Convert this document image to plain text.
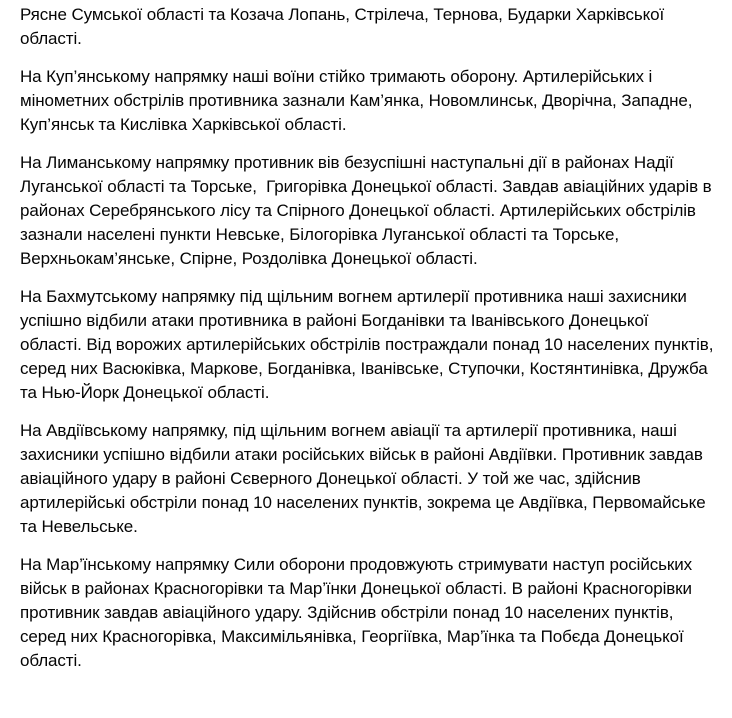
Рясне Сумської області та Козача Лопань, Стрілеча, Тернова, Бударки Харківської області.

На Куп’янському напрямку наші воїни стійко тримають оборону. Артилерійських і мінометних обстрілів противника зазнали Кам’янка, Новомлинськ, Дворічна, Западне, Куп’янськ та Кислівка Харківської області.

На Лиманському напрямку противник вів безуспішні наступальні дії в районах Надії Луганської області та Торське,  Григорівка Донецької області. Завдав авіаційних ударів в районах Серебрянського лісу та Спірного Донецької області. Артилерійських обстрілів зазнали населені пункти Невське, Білогорівка Луганської області та Торське, Верхньокам’янське, Спірне, Роздолівка Донецької області.

На Бахмутському напрямку під щільним вогнем артилерії противника наші захисники успішно відбили атаки противника в районі Богданівки та Іванівського Донецької області. Від ворожих артилерійських обстрілів постраждали понад 10 населених пунктів, серед них Васюківка, Маркове, Богданівка, Іванівське, Ступочки, Костянтинівка, Дружба та Нью-Йорк Донецької області.

На Авдіївському напрямку, під щільним вогнем авіації та артилерії противника, наші захисники успішно відбили атаки російських військ в районі Авдіївки. Противник завдав авіаційного удару в районі Сєверного Донецької області. У той же час, здійснив артилерійські обстріли понад 10 населених пунктів, зокрема це Авдіївка, Первомайське та Невельське.

На Мар’їнському напрямку Сили оборони продовжують стримувати наступ російських військ в районах Красногорівки та Мар’їнки Донецької області. В районі Красногорівки противник завдав авіаційного удару. Здійснив обстріли понад 10 населених пунктів, серед них Красногорівка, Максимільянівка, Георгіївка, Мар’їнка та Побєда Донецької області.
